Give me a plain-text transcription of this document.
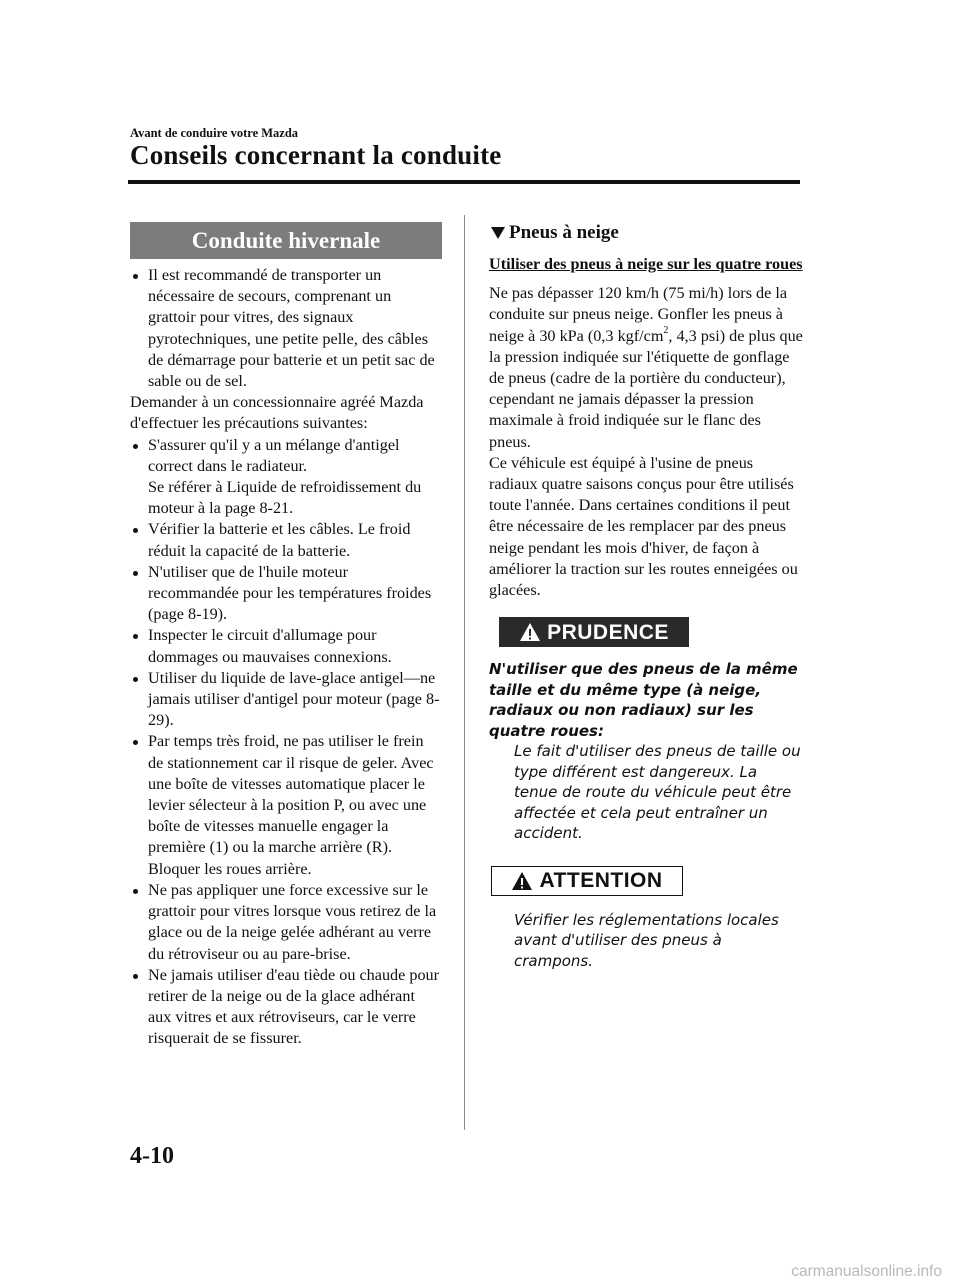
Avant de conduire votre Mazda
Conseils concernant la conduite
Conduite hivernale
Il est recommandé de transporter un nécessaire de secours, comprenant un grattoir pour vitres, des signaux pyrotechniques, une petite pelle, des câbles de démarrage pour batterie et un petit sac de sable ou de sel.

Demander à un concessionnaire agréé Mazda d'effectuer les précautions suivantes:

S'assurer qu'il y a un mélange d'antigel correct dans le radiateur.
Se référer à Liquide de refroidissement du moteur à la page 8-21.
Vérifier la batterie et les câbles. Le froid réduit la capacité de la batterie.
N'utiliser que de l'huile moteur recommandée pour les températures froides (page 8-19).
Inspecter le circuit d'allumage pour dommages ou mauvaises connexions.
Utiliser du liquide de lave-glace antigel―ne jamais utiliser d'antigel pour moteur (page 8-29).
Par temps très froid, ne pas utiliser le frein de stationnement car il risque de geler. Avec une boîte de vitesses automatique placer le levier sélecteur à la position P, ou avec une boîte de vitesses manuelle engager la première (1) ou la marche arrière (R). Bloquer les roues arrière.
Ne pas appliquer une force excessive sur le grattoir pour vitres lorsque vous retirez de la glace ou de la neige gelée adhérant au verre du rétroviseur ou au pare-brise.
Ne jamais utiliser d'eau tiède ou chaude pour retirer de la neige ou de la glace adhérant aux vitres et aux rétroviseurs, car le verre risquerait de se fissurer.
Pneus à neige
Utiliser des pneus à neige sur les quatre roues

Ne pas dépasser 120 km/h (75 mi/h) lors de la conduite sur pneus neige. Gonfler les pneus à neige à 30 kPa (0,3 kgf/$cm^2$, 4,3 psi) de plus que la pression indiquée sur l'étiquette de gonflage de pneus (cadre de la portière du conducteur), cependant ne jamais dépasser la pression maximale à froid indiquée sur le flanc des pneus.

Ce véhicule est équipé à l'usine de pneus radiaux quatre saisons conçus pour être utilisés toute l'année. Dans certaines conditions il peut être nécessaire de les remplacer par des pneus neige pendant les mois d'hiver, de façon à améliorer la traction sur les routes enneigées ou glacées.

PRUDENCE
N'utiliser que des pneus de la même taille et du même type (à neige, radiaux ou non radiaux) sur les quatre roues:
Le fait d'utiliser des pneus de taille ou type différent est dangereux. La tenue de route du véhicule peut être affectée et cela peut entraîner un accident.
ATTENTION
Vérifier les réglementations locales avant d'utiliser des pneus à crampons.
4-10
carmanualsonline.info
